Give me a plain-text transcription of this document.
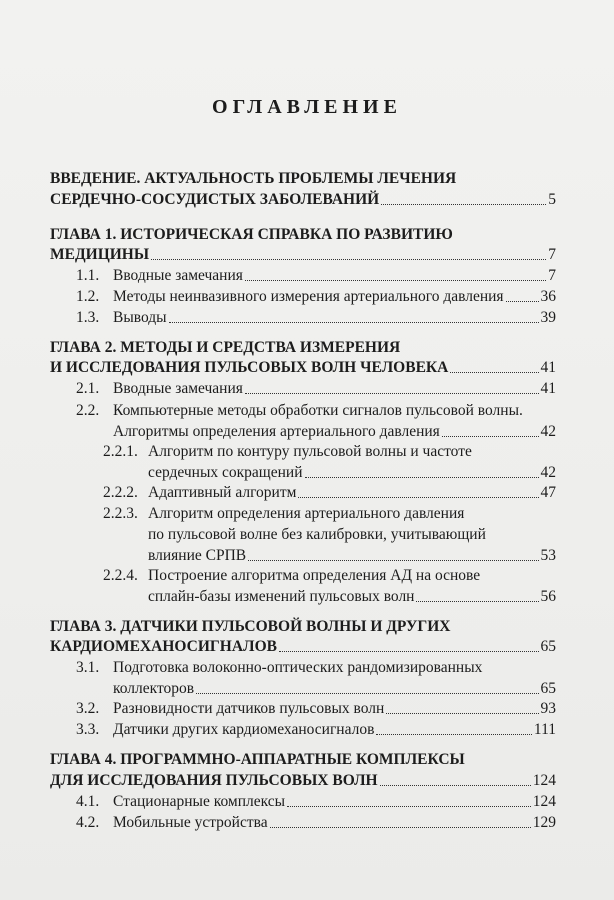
ОГЛАВЛЕНИЕ
ВВЕДЕНИЕ. АКТУАЛЬНОСТЬ ПРОБЛЕМЫ ЛЕЧЕНИЯ
СЕРДЕЧНО-СОСУДИСТЫХ ЗАБОЛЕВАНИЙ	5
ГЛАВА 1. ИСТОРИЧЕСКАЯ СПРАВКА ПО РАЗВИТИЮ
МЕДИЦИНЫ	7
1.1. Вводные замечания	7
1.2. Методы неинвазивного измерения артериального давления 36
1.3. Выводы	39
ГЛАВА 2. МЕТОДЫ И СРЕДСТВА ИЗМЕРЕНИЯ
И ИССЛЕДОВАНИЯ ПУЛЬСОВЫХ ВОЛН ЧЕЛОВЕКА	41
2.1. Вводные замечания	41
2.2. Компьютерные методы обработки сигналов пульсовой волны.
Алгоритмы определения артериального давления	42
2.2.1. Алгоритм по контуру пульсовой волны и частоте
сердечных сокращений	42
2.2.2. Адаптивный алгоритм	47
2.2.3. Алгоритм определения артериального давления
по пульсовой волне без калибровки, учитывающий
влияние СРПВ	53
2.2.4. Построение алгоритма определения АД на основе
сплайн-базы изменений пульсовых волн	56
ГЛАВА 3. ДАТЧИКИ ПУЛЬСОВОЙ ВОЛНЫ И ДРУГИХ
КАРДИОМЕХАНОСИГНАЛОВ	65
3.1. Подготовка волоконно-оптических рандомизированных
коллекторов	65
3.2. Разновидности датчиков пульсовых волн	93
3.3. Датчики других кардиомеханосигналов	111
ГЛАВА 4. ПРОГРАММНО-АППАРАТНЫЕ КОМПЛЕКСЫ
ДЛЯ ИССЛЕДОВАНИЯ ПУЛЬСОВЫХ ВОЛН	124
4.1. Стационарные комплексы	124
4.2. Мобильные устройства	129
